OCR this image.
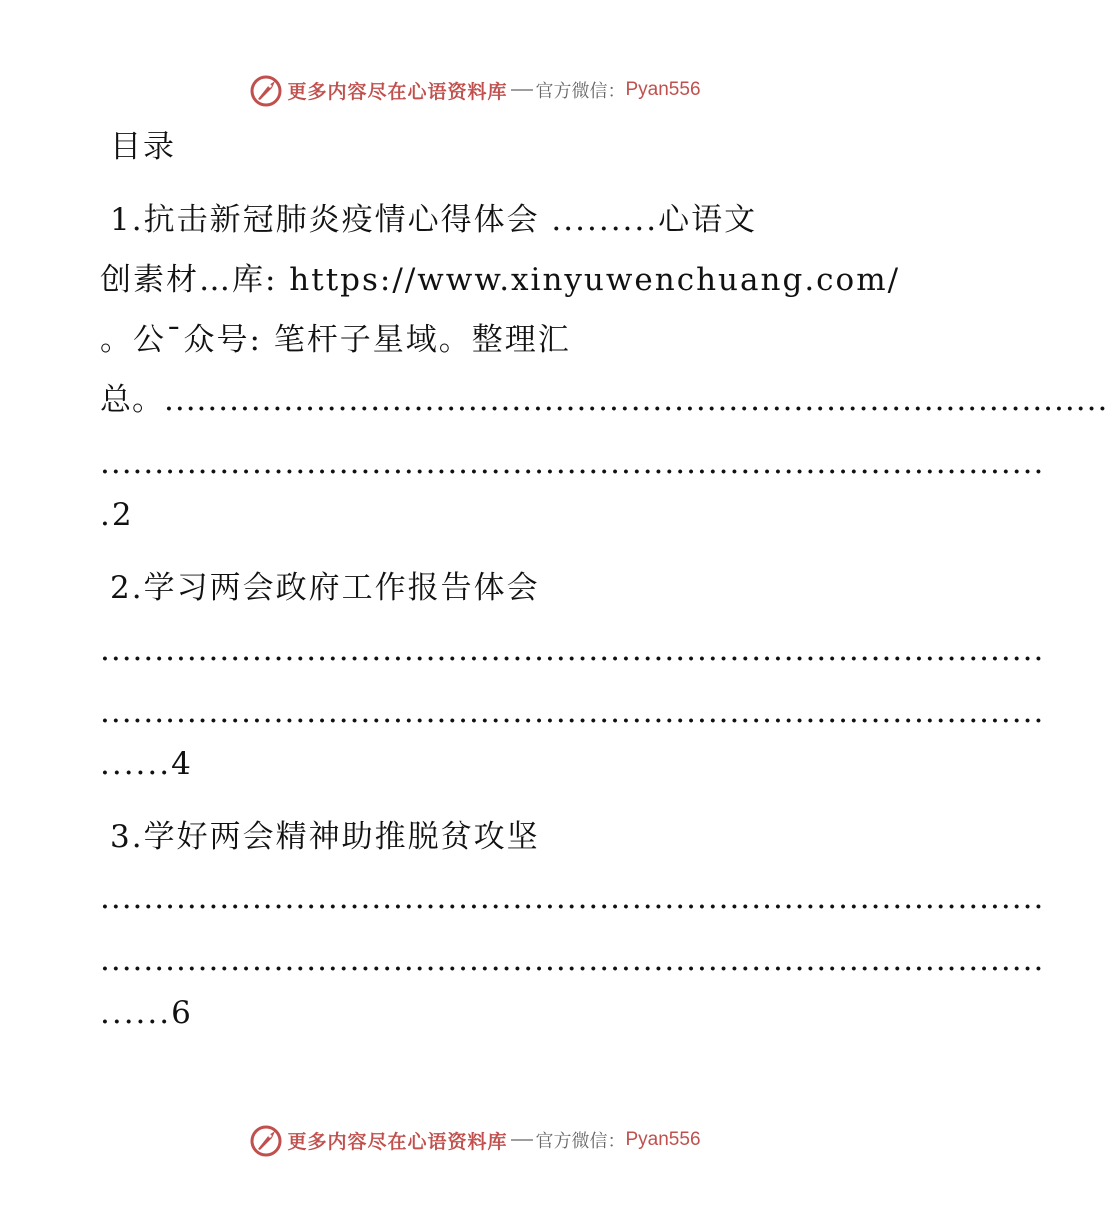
更多内容尽在心语资料库 官方微信： Pyan556
目录
1.抗击新冠肺炎疫情心得体会 .........心语文
创素材…库: https://www.xinyuwenchuang.com/
。公¯众号: 笔杆子星域。整理汇
总。.......................................................................................
.......................................................................................
.2
2.学习两会政府工作报告体会
.......................................................................................
.......................................................................................
......4
3.学好两会精神助推脱贫攻坚
.......................................................................................
.......................................................................................
......6
更多内容尽在心语资料库 官方微信： Pyan556
